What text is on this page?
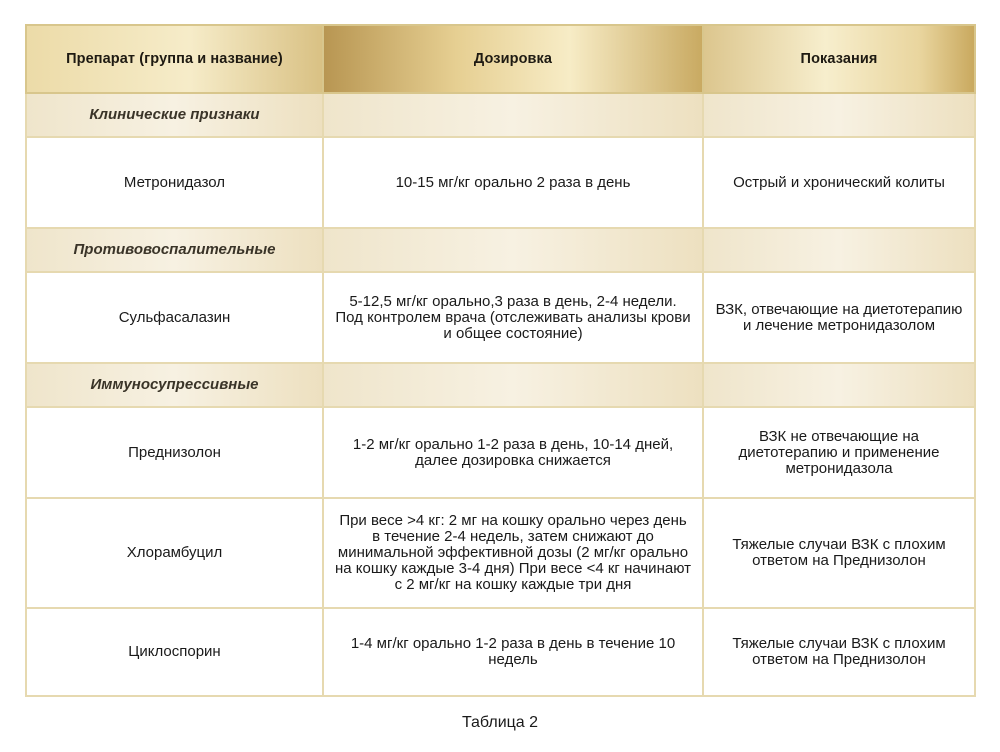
Препарат (группа и название)	Дозировка	Показания
Клинические признаки		
Метронидазол	10-15 мг/кг орально 2 раза в день	Острый и хронический колиты
Противовоспалительные		
Сульфасалазин	5-12,5 мг/кг орально,3 раза в день, 2-4 недели. Под контролем врача (отслеживать анализы крови и общее состояние)	ВЗК, отвечающие на диетотерапию и лечение метронидазолом
Иммуносупрессивные		
Преднизолон	1-2 мг/кг орально 1-2 раза в день, 10-14 дней, далее дозировка снижается	ВЗК не отвечающие на диетотерапию и применение метронидазола
Хлорамбуцил	При весе >4 кг: 2 мг на кошку орально через день в течение 2-4 недель, затем снижают до минимальной эффективной дозы (2 мг/кг орально на кошку каждые 3-4 дня) При весе <4 кг начинают с 2 мг/кг на кошку каждые три дня	Тяжелые случаи ВЗК с плохим ответом на Преднизолон
Циклоспорин	1-4 мг/кг орально 1-2 раза в день в течение 10 недель	Тяжелые случаи ВЗК с плохим ответом на Преднизолон
Таблица 2
